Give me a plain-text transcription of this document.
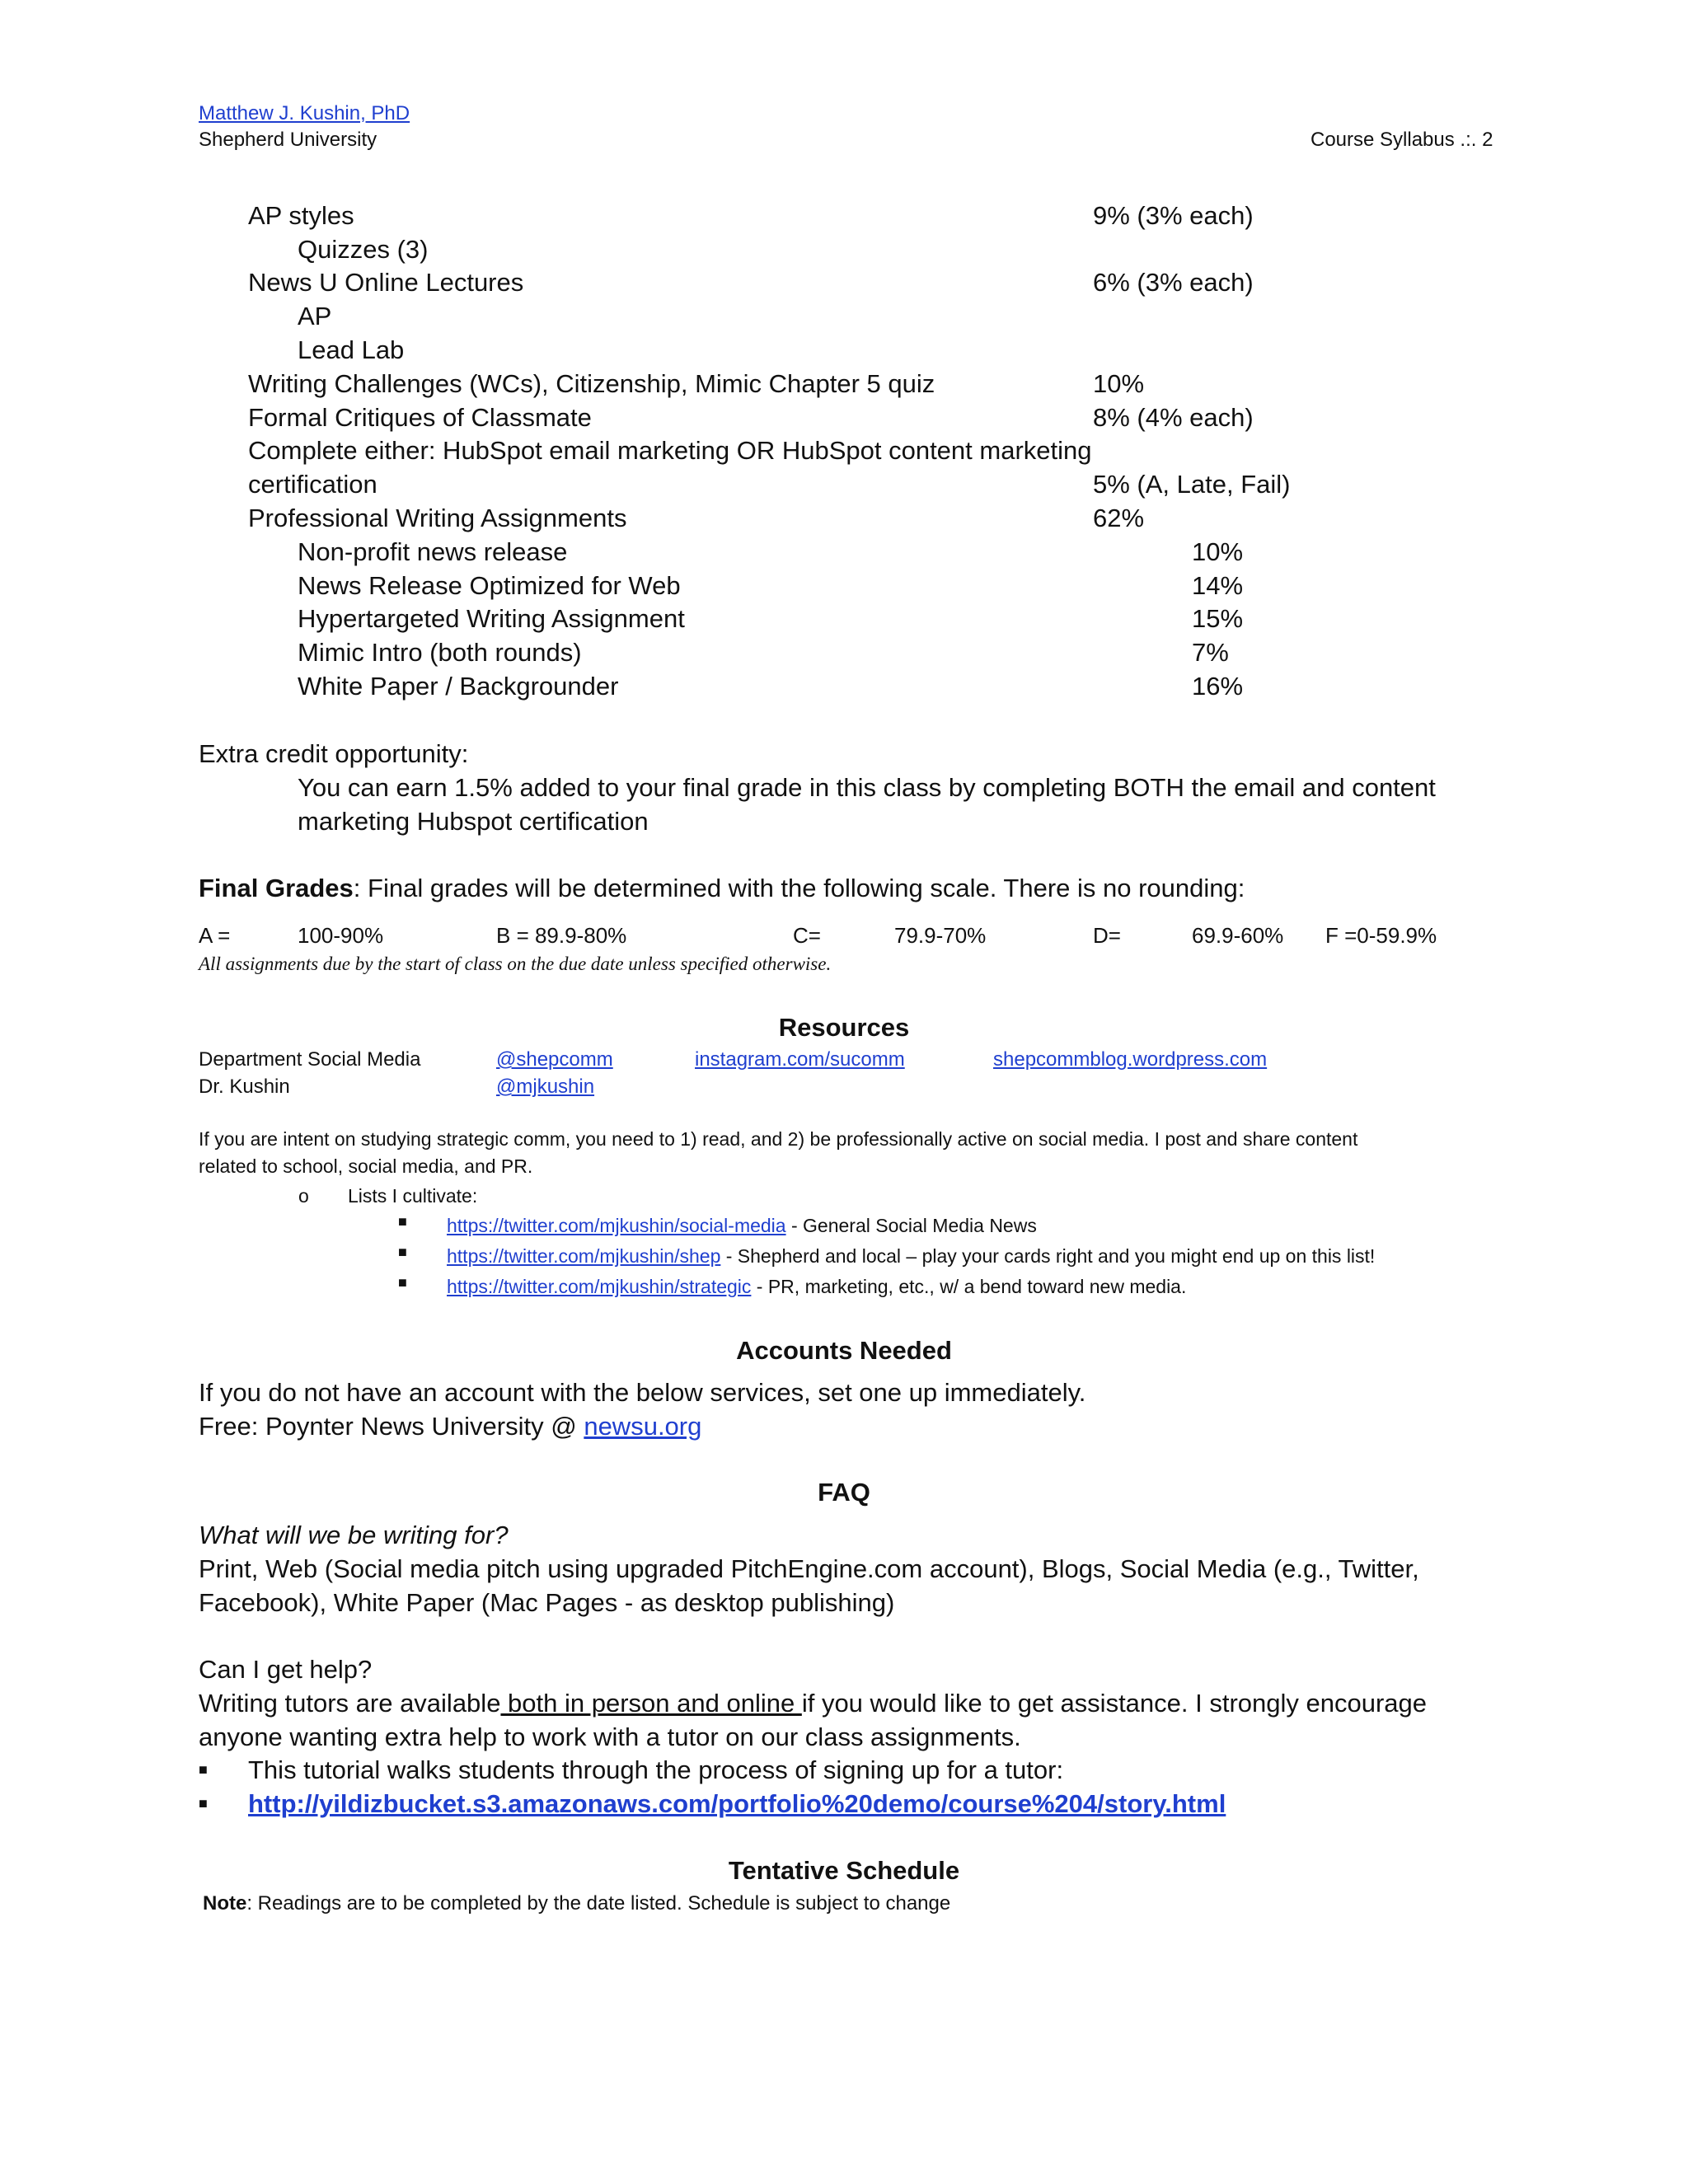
Matthew J. Kushin, PhD
Shepherd University	Course Syllabus .:. 2
AP styles	9% (3% each)
Quizzes (3)
News U Online Lectures	6% (3% each)
AP
Lead Lab
Writing Challenges (WCs), Citizenship, Mimic Chapter 5 quiz	10%
Formal Critiques of Classmate	8% (4% each)
Complete either: HubSpot email marketing OR HubSpot content marketing
certification	5% (A, Late, Fail)
Professional Writing Assignments	62%
Non-profit news release	10%
News Release Optimized for Web	14%
Hypertargeted Writing Assignment	15%
Mimic Intro (both rounds)	7%
White Paper / Backgrounder	16%
Extra credit opportunity:
You can earn 1.5% added to your final grade in this class by completing BOTH the email and content
marketing Hubspot certification
Final Grades: Final grades will be determined with the following scale. There is no rounding:
A =	100-90%	B = 89.9-80%	C=	79.9-70%	D=	69.9-60% F =0-59.9%
All assignments due by the start of class on the due date unless specified otherwise.
Resources
Department Social Media	@shepcomm	instagram.com/sucomm	shepcommblog.wordpress.com
Dr. Kushin	@mjkushin
If you are intent on studying strategic comm, you need to 1) read, and 2) be professionally active on social media. I post and share content
related to school, social media, and PR.
o Lists I cultivate:
■ https://twitter.com/mjkushin/social-media - General Social Media News
■ https://twitter.com/mjkushin/shep - Shepherd and local – play your cards right and you might end up on this list!
■ https://twitter.com/mjkushin/strategic - PR, marketing, etc., w/ a bend toward new media.
Accounts Needed
If you do not have an account with the below services, set one up immediately.
Free: Poynter News University @ newsu.org
FAQ
What will we be writing for?
Print, Web (Social media pitch using upgraded PitchEngine.com account), Blogs, Social Media (e.g., Twitter,
Facebook), White Paper (Mac Pages - as desktop publishing)
Can I get help?
Writing tutors are available both in person and online if you would like to get assistance. I strongly encourage
anyone wanting extra help to work with a tutor on our class assignments.
■ This tutorial walks students through the process of signing up for a tutor:
■ http://yildizbucket.s3.amazonaws.com/portfolio%20demo/course%204/story.html
Tentative Schedule
Note: Readings are to be completed by the date listed. Schedule is subject to change
